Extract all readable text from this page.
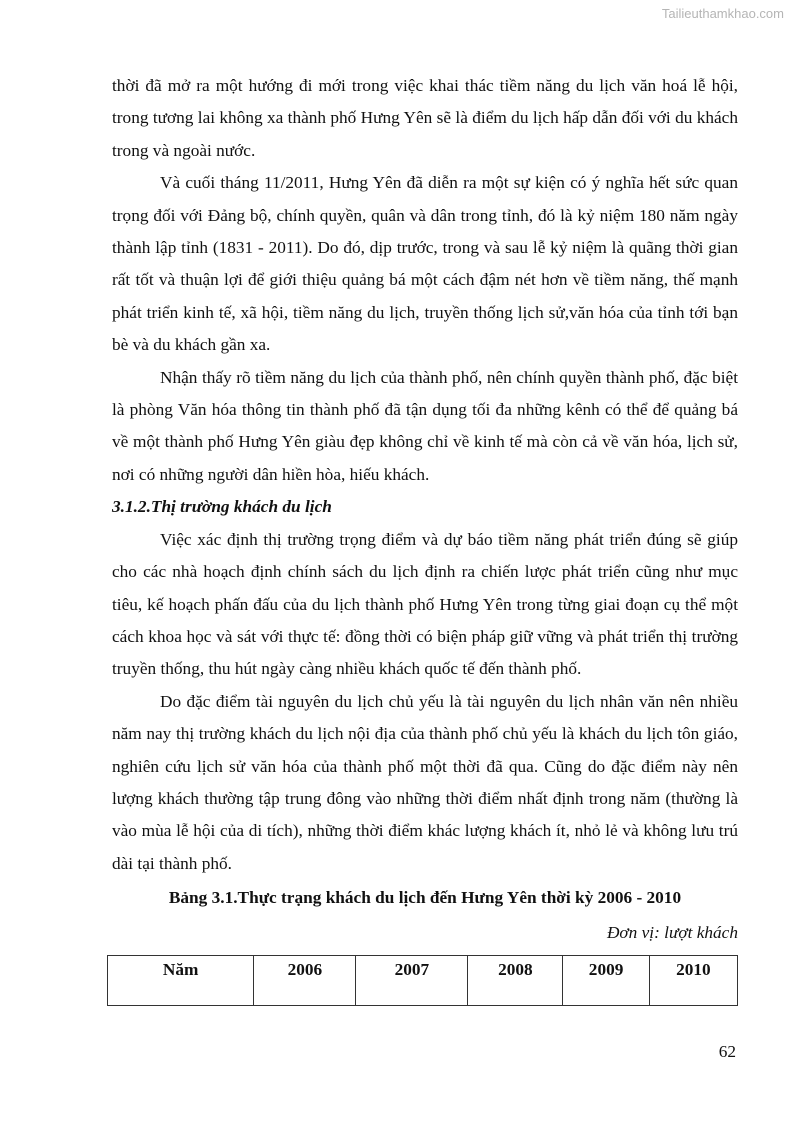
Tailieuthamkhao.com

thời đã mở ra một hướng đi mới trong việc khai thác tiềm năng du lịch văn hoá lễ hội, trong tương lai không xa thành phố Hưng Yên sẽ là điểm du lịch hấp dẫn đối với du khách trong và ngoài nước.

Và cuối tháng 11/2011, Hưng Yên đã diễn ra một sự kiện có ý nghĩa hết sức quan trọng đối với Đảng bộ, chính quyền, quân và dân trong tỉnh, đó là kỷ niệm 180 năm ngày thành lập tỉnh (1831 - 2011). Do đó, dịp trước, trong và sau lễ kỷ niệm là quãng thời gian rất tốt và thuận lợi để giới thiệu quảng bá một cách đậm nét hơn về tiềm năng, thế mạnh phát triển kinh tế, xã hội, tiềm năng du lịch, truyền thống lịch sử,văn hóa của tỉnh tới bạn bè và du khách gần xa.

Nhận thấy rõ tiềm năng du lịch của thành phố, nên chính quyền thành phố, đặc biệt là phòng Văn hóa thông tin thành phố đã tận dụng tối đa những kênh có thể để quảng bá về một thành phố Hưng Yên giàu đẹp không chỉ về kinh tế mà còn cả về văn hóa, lịch sử, nơi có những người dân hiền hòa, hiếu khách.

3.1.2.Thị trường khách du lịch

Việc xác định thị trường trọng điểm và dự báo tiềm năng phát triển đúng sẽ giúp cho các nhà hoạch định chính sách du lịch định ra chiến lược phát triển cũng như mục tiêu, kế hoạch phấn đấu của du lịch thành phố Hưng Yên trong từng giai đoạn cụ thể một cách khoa học và sát với thực tế: đồng thời có biện pháp giữ vững và phát triển thị trường truyền thống, thu hút ngày càng nhiều khách quốc tế đến thành phố.

Do đặc điểm tài nguyên du lịch chủ yếu là tài nguyên du lịch nhân văn nên nhiều năm nay thị trường khách du lịch nội địa của thành phố chủ yếu là khách du lịch tôn giáo, nghiên cứu lịch sử văn hóa của thành phố một thời đã qua. Cũng do đặc điểm này nên lượng khách thường tập trung đông vào những thời điểm nhất định trong năm (thường là vào mùa lễ hội của di tích), những thời điểm khác lượng khách ít, nhỏ lẻ và không lưu trú dài tại thành phố.

Bảng 3.1.Thực trạng khách du lịch đến Hưng Yên thời kỳ 2006 - 2010
Đơn vị: lượt khách
Năm	2006	2007	2008	2009	2010
62
